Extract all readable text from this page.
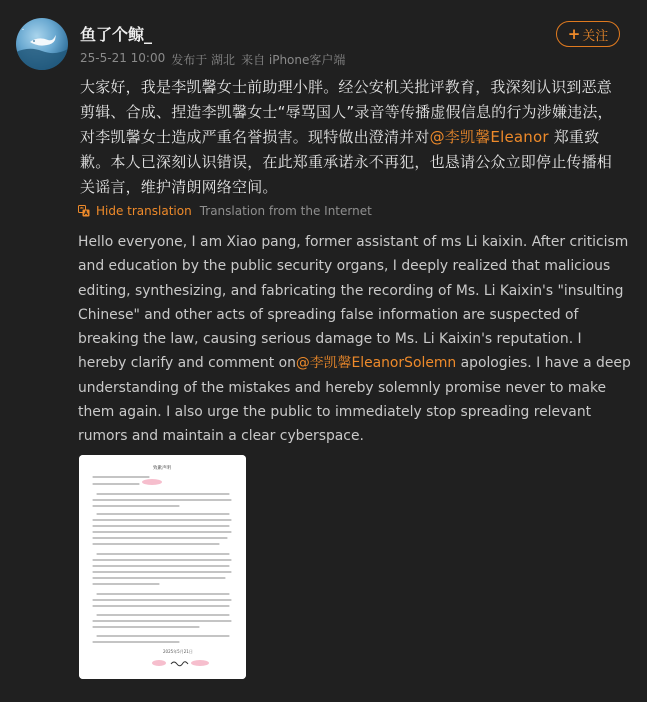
鱼了个鲸_
25-5-21 10:00 发布于 湖北 来自 iPhone客户端
+ 关注
大家好，我是李凯馨女士前助理小胖。经公安机关批评教育，我深刻认识到恶意剪辑、合成、捏造李凯馨女士“辱骂国人”录音等传播虚假信息的行为涉嫌违法，对李凯馨女士造成严重名誉损害。现特做出澄清并对@李凯馨Eleanor 郑重致歉。本人已深刻认识错误，在此郑重承诺永不再犯，也恳请公众立即停止传播相关谣言，维护清朗网络空间。
Hide translation Translation from the Internet
Hello everyone, I am Xiao pang, former assistant of ms Li kaixin. After criticism and education by the public security organs, I deeply realized that malicious editing, synthesizing, and fabricating the recording of Ms. Li Kaixin's "insulting Chinese" and other acts of spreading false information are suspected of breaking the law, causing serious damage to Ms. Li Kaixin's reputation. I hereby clarify and comment on@李凯馨EleanorSolemn apologies. I have a deep understanding of the mistakes and hereby solemnly promise never to make them again. I also urge the public to immediately stop spreading relevant rumors and maintain a clear cyberspace.
致歉声明
2025年5月21日
